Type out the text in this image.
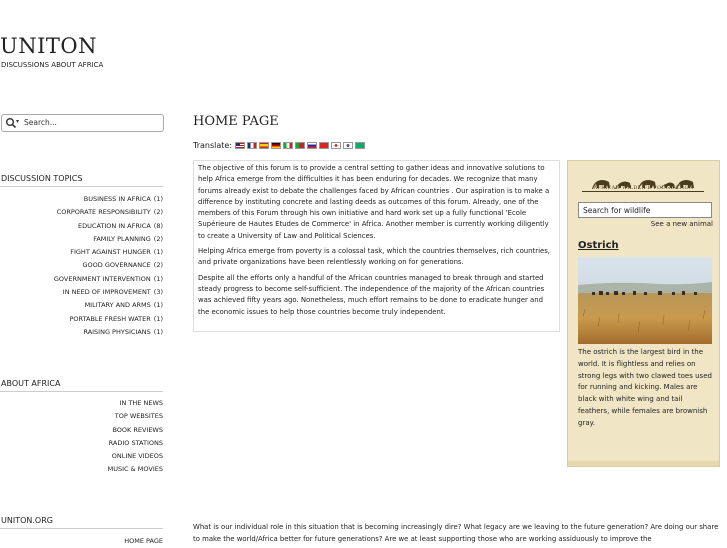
UNITON
DISCUSSIONS ABOUT AFRICA
▾
Search...
DISCUSSION TOPICS
BUSINESS IN AFRICA (1)
CORPORATE RESPONSIBILITY (2)
EDUCATION IN AFRICA (8)
FAMILY PLANNING (2)
FIGHT AGAINST HUNGER (1)
GOOD GOVERNANCE (2)
GOVERNMENT INTERVENTION (1)
IN NEED OF IMPROVEMENT (3)
MILITARY AND ARMS (1)
PORTABLE FRESH WATER (1)
RAISING PHYSICIANS (1)
ABOUT AFRICA
IN THE NEWS
TOP WEBSITES
BOOK REVIEWS
RADIO STATIONS
ONLINE VIDEOS
MUSIC & MOVIES
UNITON.ORG
HOME PAGE
HOME PAGE
Translate:

The objective of this forum is to provide a central setting to gather ideas and innovative solutions to help Africa emerge from the difficulties it has been enduring for decades. We recognize that many forums already exist to debate the challenges faced by African countries . Our aspiration is to make a difference by instituting concrete and lasting deeds as outcomes of this forum. Already, one of the members of this Forum through his own initiative and hard work set up a fully functional 'Ecole Supérieure de Hautes Etudes de Commerce' in Africa. Another member is currently working diligently to create a University of Law and Political Sciences.

Helping Africa emerge from poverty is a colossal task, which the countries themselves, rich countries, and private organizations have been relentlessly working on for generations.

Despite all the efforts only a handful of the African countries managed to break through and started steady progress to become self-sufficient. The independence of the majority of the African countries was achieved fifty years ago. Nonetheless, much effort remains to be done to eradicate hunger and the economic issues to help those countries become truly independent.

AFRICAN WILDLIFE FOUNDATION
Search for wildlife
See a new animal
Ostrich
The ostrich is the largest bird in the world. It is flightless and relies on strong legs with two clawed toes used for running and kicking. Males are black with white wing and tail feathers, while females are brownish gray.
What is our individual role in this situation that is becoming increasingly dire? What legacy are we leaving to the future generation? Are doing our share to make the world/Africa better for future generations? Are we at least supporting those who are working assiduously to improve the
